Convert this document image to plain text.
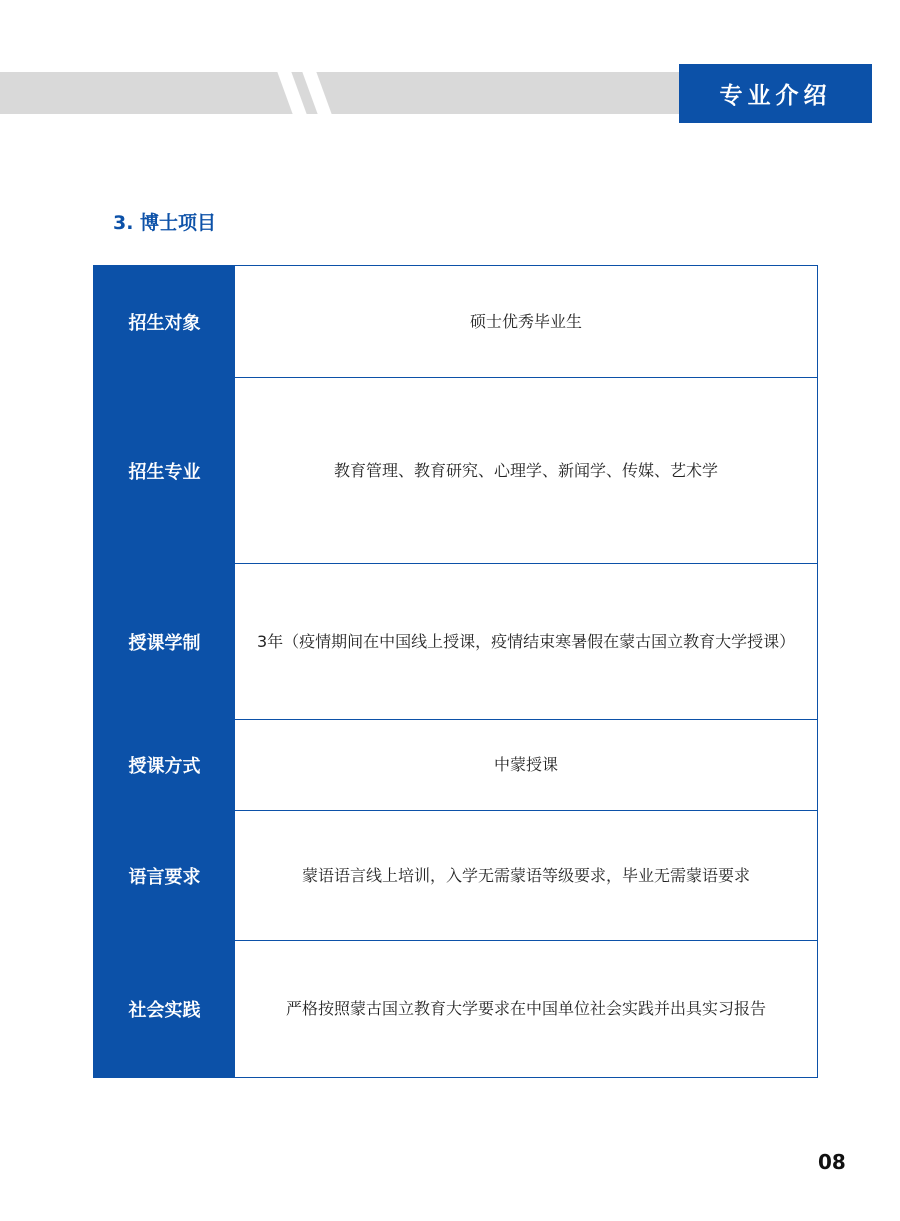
专业介绍
3. 博士项目
招生对象	硕士优秀毕业生
招生专业	教育管理、教育研究、心理学、新闻学、传媒、艺术学
授课学制	3年（疫情期间在中国线上授课，疫情结束寒暑假在蒙古国立教育大学授课）
授课方式	中蒙授课
语言要求	蒙语语言线上培训，入学无需蒙语等级要求，毕业无需蒙语要求
社会实践	严格按照蒙古国立教育大学要求在中国单位社会实践并出具实习报告
08
